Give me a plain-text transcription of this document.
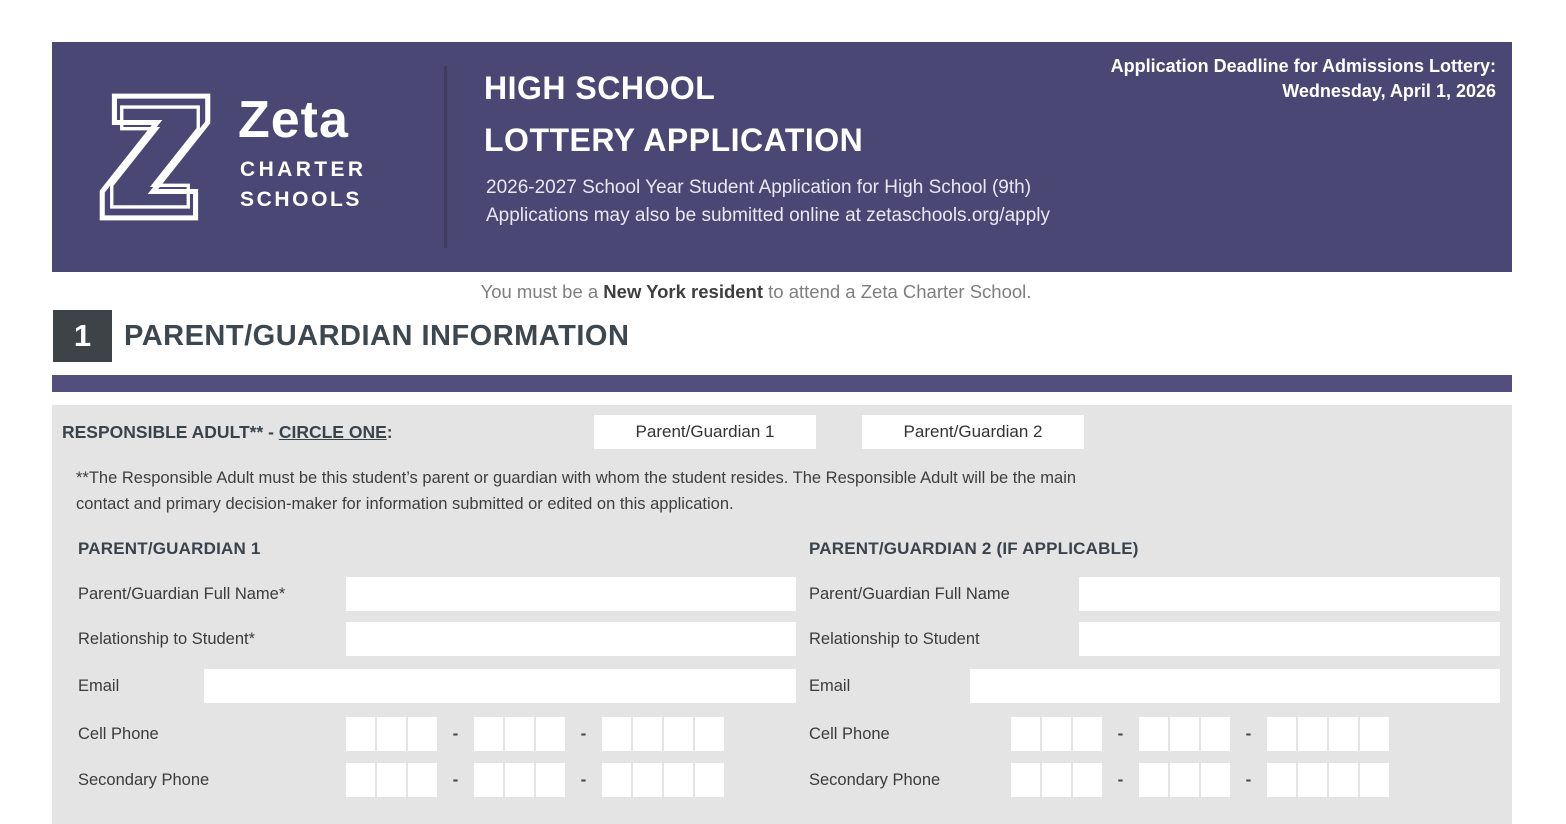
Zeta
CHARTER
SCHOOLS
HIGH SCHOOL
LOTTERY APPLICATION
2026-2027 School Year Student Application for High School (9th)
Applications may also be submitted online at zetaschools.org/apply
Application Deadline for Admissions Lottery:
Wednesday, April 1, 2026
You must be a New York resident to attend a Zeta Charter School.
1	PARENT/GUARDIAN INFORMATION
RESPONSIBLE ADULT** - CIRCLE ONE:	Parent/Guardian 1	Parent/Guardian 2
**The Responsible Adult must be this student’s parent or guardian with whom the student resides. The Responsible Adult will be the main
contact and primary decision-maker for information submitted or edited on this application.
PARENT/GUARDIAN 1	PARENT/GUARDIAN 2 (IF APPLICABLE)
Parent/Guardian Full Name*
Relationship to Student*
Email
Cell Phone	-	-
Secondary Phone	-	-
Parent/Guardian Full Name
Relationship to Student
Email
Cell Phone	-	-
Secondary Phone	-	-
